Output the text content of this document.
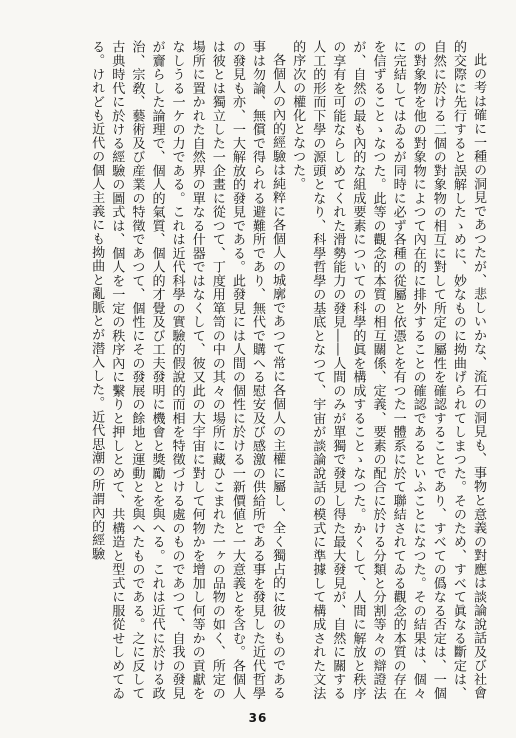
此の考は確に一種の洞見であつたが、悲しいかな、流石の洞見も、事物と意義の對應は談論說話及び社會的交際に先行すると誤解したゝめに、妙なものに拗曲げられてしまつた。そのため、すべて眞なる斷定は、自然に於ける二個の對象物の相互に對して所定の屬性を確認することであり、すべての僞なる否定は、一個の對象物を他の對象物によつて內在的に排外することの確認であるといふことになつた。その結果は、個々に完結してはゐるが同時に必ず各種の從屬と依憑とを有つた一體系に於て聯結されてゐる觀念的本質の存在を信ずることゝなつた。此等の觀念的本質の相互關係、定義、要素の配合に於ける分類と分割等々の辯證法が、自然の最も內的な組成要素についての科學的眞を構成することゝなつた。かくして、人間に解放と秩序の享有を可能ならしめてくれた滑勢能力の發見――人間のみが單獨で發見し得た最大發見が、自然に關する人工的形而下學の源頭となり、科學哲學の基底となつて、宇宙が談論說話の模式に準據して構成された文法的序次の權化となつた。

各個人の內的經驗は純粹に各個人の城廓であつて常に各個人の主權に屬し、全く獨占的に彼のものである事は勿論、無償で得られる避難所であり、無代で購へる慰安及び感激の供給所である事を發見した近代哲學の發見も亦、一大解放的發見である。此發見には人間の個性に於ける一新價値と一大意義とを含む。各個人は彼とは獨立した一企畫に從つて、丁度用箪笥の中の其々の場所に藏ひこまれた一ヶの品物の如く、所定の場所に置かれた自然界の單なる什器ではなくして、彼又此の大宇宙に對して何物かを增加し何等かの貢獻をなしうる一ケの力である。これは近代科學の實驗的假說的而相を特徵づける處のものであつて、自我の發見が齎らした論理で、個人的氣質、個人的才覺及び工夫發明に機會と獎勵とを與へる。これは近代に於ける政治、宗敎、藝術及び産業の特徵であつて、個性にその發展の餘地と運動とを與へたものである。之に反して古典時代に於ける經驗の圖式は、個人を一定の秩序內に繫りと押しとめて、共構造と型式に服從せしめてゐる。けれども近代の個人主義にも拗曲と亂脈とが潜入した。近代思潮の所謂內的經驗

36
